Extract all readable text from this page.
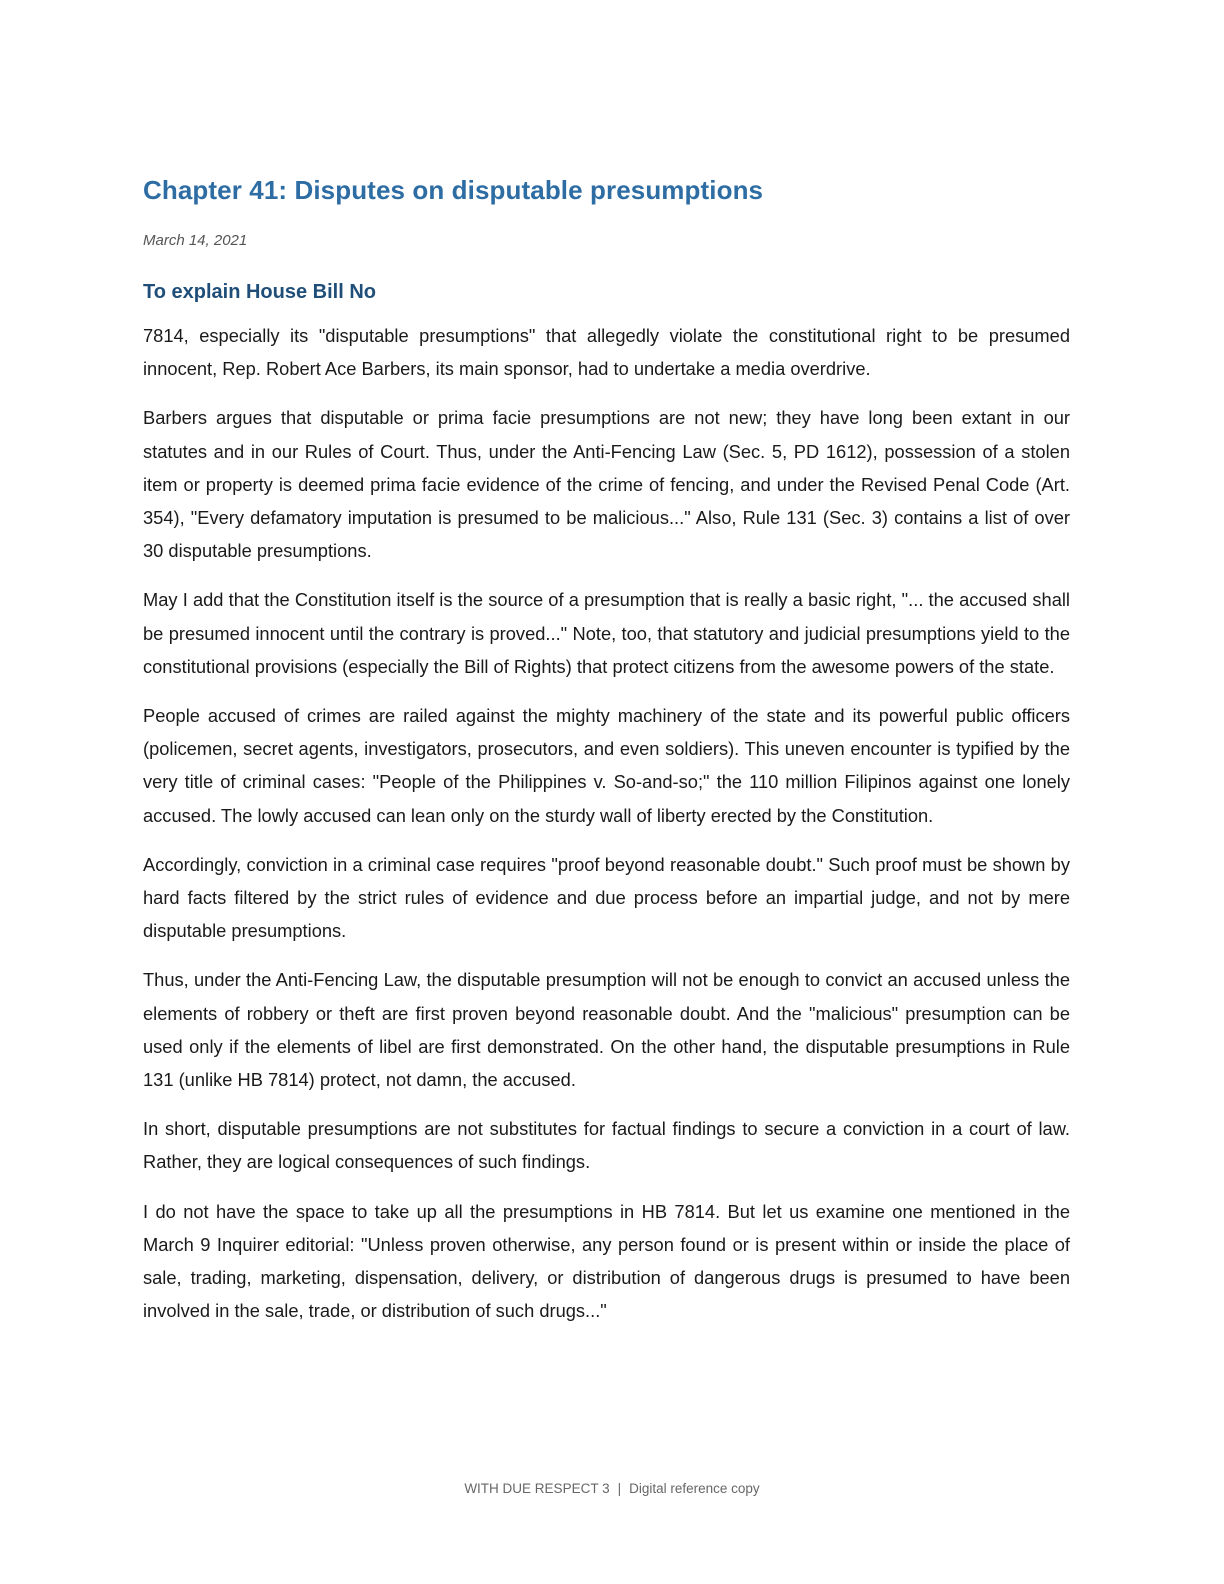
Chapter 41: Disputes on disputable presumptions
March 14, 2021
To explain House Bill No

7814, especially its "disputable presumptions" that allegedly violate the constitutional right to be presumed innocent, Rep. Robert Ace Barbers, its main sponsor, had to undertake a media overdrive.

Barbers argues that disputable or prima facie presumptions are not new; they have long been extant in our statutes and in our Rules of Court. Thus, under the Anti-Fencing Law (Sec. 5, PD 1612), possession of a stolen item or property is deemed prima facie evidence of the crime of fencing, and under the Revised Penal Code (Art. 354), "Every defamatory imputation is presumed to be malicious..." Also, Rule 131 (Sec. 3) contains a list of over 30 disputable presumptions.

May I add that the Constitution itself is the source of a presumption that is really a basic right, "... the accused shall be presumed innocent until the contrary is proved..." Note, too, that statutory and judicial presumptions yield to the constitutional provisions (especially the Bill of Rights) that protect citizens from the awesome powers of the state.

People accused of crimes are railed against the mighty machinery of the state and its powerful public officers (policemen, secret agents, investigators, prosecutors, and even soldiers). This uneven encounter is typified by the very title of criminal cases: "People of the Philippines v. So-and-so;" the 110 million Filipinos against one lonely accused. The lowly accused can lean only on the sturdy wall of liberty erected by the Constitution.

Accordingly, conviction in a criminal case requires "proof beyond reasonable doubt." Such proof must be shown by hard facts filtered by the strict rules of evidence and due process before an impartial judge, and not by mere disputable presumptions.

Thus, under the Anti-Fencing Law, the disputable presumption will not be enough to convict an accused unless the elements of robbery or theft are first proven beyond reasonable doubt. And the "malicious" presumption can be used only if the elements of libel are first demonstrated. On the other hand, the disputable presumptions in Rule 131 (unlike HB 7814) protect, not damn, the accused.

In short, disputable presumptions are not substitutes for factual findings to secure a conviction in a court of law. Rather, they are logical consequences of such findings.

I do not have the space to take up all the presumptions in HB 7814. But let us examine one mentioned in the March 9 Inquirer editorial: "Unless proven otherwise, any person found or is present within or inside the place of sale, trading, marketing, dispensation, delivery, or distribution of dangerous drugs is presumed to have been involved in the sale, trade, or distribution of such drugs..."

WITH DUE RESPECT 3 | Digital reference copy
